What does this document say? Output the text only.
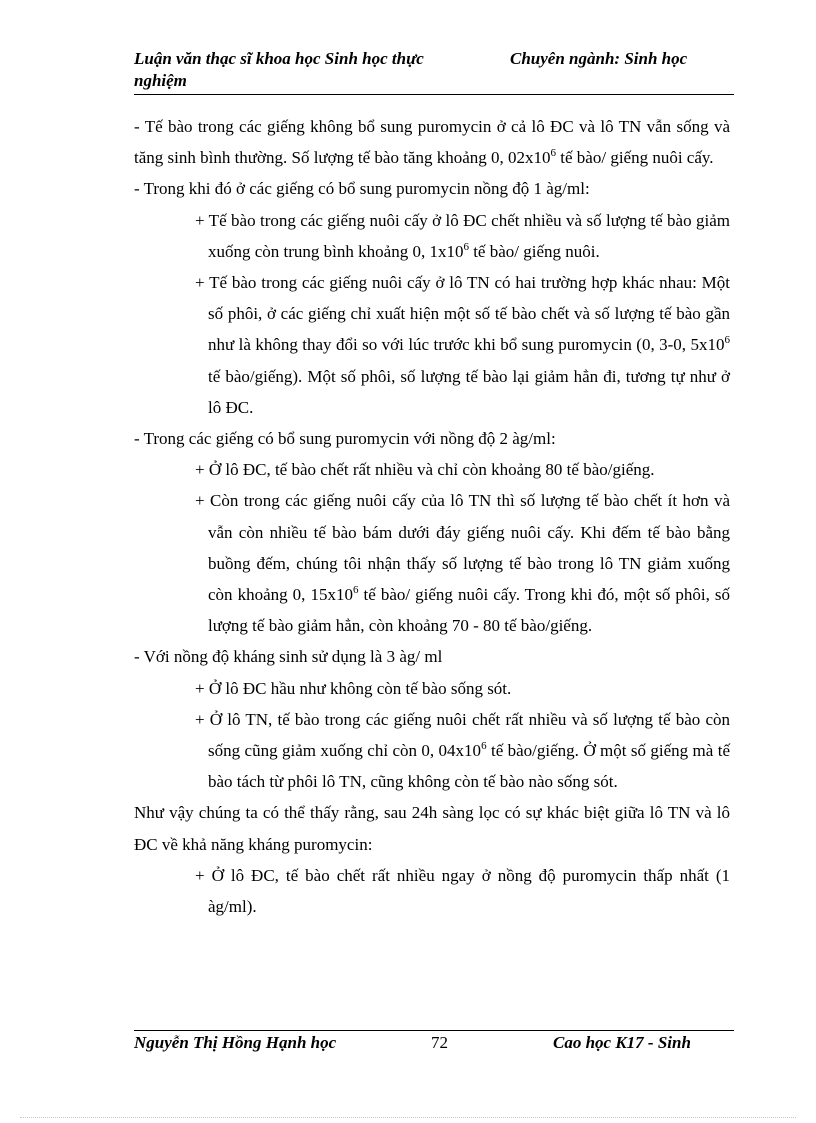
Luận văn thạc sĩ khoa học Sinh học thực nghiệm
Chuyên ngành: Sinh học

- Tế bào trong các giếng không bổ sung puromycin ở cả lô ĐC và lô TN vẫn sống và tăng sinh bình thường. Số lượng tế bào tăng khoảng 0, $02x10^6$ tế bào/ giếng nuôi cấy.

- Trong khi đó ở các giếng có bổ sung puromycin nồng độ 1 àg/ml:

+ Tế bào trong các giếng nuôi cấy ở lô ĐC chết nhiều và số lượng tế bào giảm xuống còn trung bình khoảng 0, $1x10^6$ tế bào/ giếng nuôi.

+ Tế bào trong các giếng nuôi cấy ở lô TN có hai trường hợp khác nhau: Một số phôi, ở các giếng chỉ xuất hiện một số tế bào chết và số lượng tế bào gần như là không thay đổi so với lúc trước khi bổ sung puromycin (0, 3-0, $5x10^6$ tế bào/giếng). Một số phôi, số lượng tế bào lại giảm hẳn đi, tương tự như ở lô ĐC.

- Trong các giếng có bổ sung puromycin với nồng độ 2 àg/ml:

+ Ở lô ĐC, tế bào chết rất nhiều và chỉ còn khoảng 80 tế bào/giếng.

+ Còn trong các giếng nuôi cấy của lô TN thì số lượng tế bào chết ít hơn và vẫn còn nhiều tế bào bám dưới đáy giếng nuôi cấy. Khi đếm tế bào bằng buồng đếm, chúng tôi nhận thấy số lượng tế bào trong lô TN giảm xuống còn khoảng 0, $15x10^6$ tế bào/ giếng nuôi cấy. Trong khi đó, một số phôi, số lượng tế bào giảm hẳn, còn khoảng 70 - 80 tế bào/giếng.

- Với nồng độ kháng sinh sử dụng là 3 àg/ ml

+ Ở lô ĐC hầu như không còn tế bào sống sót.

+ Ở lô TN, tế bào trong các giếng nuôi chết rất nhiều và số lượng tế bào còn sống cũng giảm xuống chỉ còn 0, $04x10^6$ tế bào/giếng. Ở một số giếng mà tế bào tách từ phôi lô TN, cũng không còn tế bào nào sống sót.

Như vậy chúng ta có thể thấy rằng, sau 24h sàng lọc có sự khác biệt giữa lô TN và lô ĐC về khả năng kháng puromycin:

+ Ở lô ĐC, tế bào chết rất nhiều ngay ở nồng độ puromycin thấp nhất (1 àg/ml).

Nguyễn Thị Hồng Hạnh học	72	Cao học K17 - Sinh
